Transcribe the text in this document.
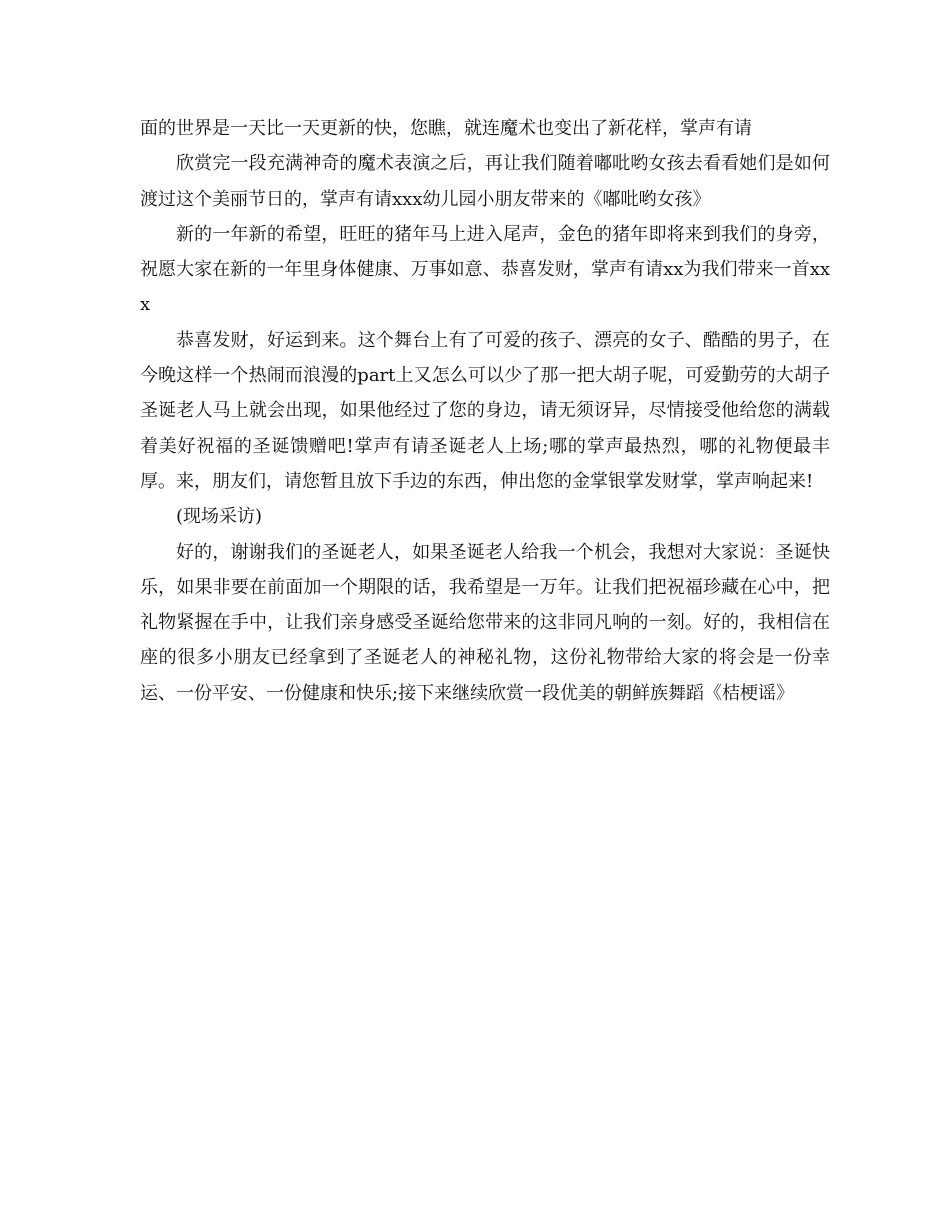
面的世界是一天比一天更新的快，您瞧，就连魔术也变出了新花样，掌声有请

欣赏完一段充满神奇的魔术表演之后，再让我们随着嘟吡哟女孩去看看她们是如何渡过这个美丽节日的，掌声有请xxx幼儿园小朋友带来的《嘟吡哟女孩》

新的一年新的希望，旺旺的猪年马上进入尾声，金色的猪年即将来到我们的身旁，祝愿大家在新的一年里身体健康、万事如意、恭喜发财，掌声有请xx为我们带来一首xxx

恭喜发财，好运到来。这个舞台上有了可爱的孩子、漂亮的女子、酷酷的男子，在今晚这样一个热闹而浪漫的part上又怎么可以少了那一把大胡子呢，可爱勤劳的大胡子圣诞老人马上就会出现，如果他经过了您的身边，请无须讶异，尽情接受他给您的满载着美好祝福的圣诞馈赠吧!掌声有请圣诞老人上场;哪的掌声最热烈，哪的礼物便最丰厚。来，朋友们，请您暂且放下手边的东西，伸出您的金掌银掌发财掌，掌声响起来!

(现场采访)

好的，谢谢我们的圣诞老人，如果圣诞老人给我一个机会，我想对大家说：圣诞快乐，如果非要在前面加一个期限的话，我希望是一万年。让我们把祝福珍藏在心中，把礼物紧握在手中，让我们亲身感受圣诞给您带来的这非同凡响的一刻。好的，我相信在座的很多小朋友已经拿到了圣诞老人的神秘礼物，这份礼物带给大家的将会是一份幸运、一份平安、一份健康和快乐;接下来继续欣赏一段优美的朝鲜族舞蹈《桔梗谣》
